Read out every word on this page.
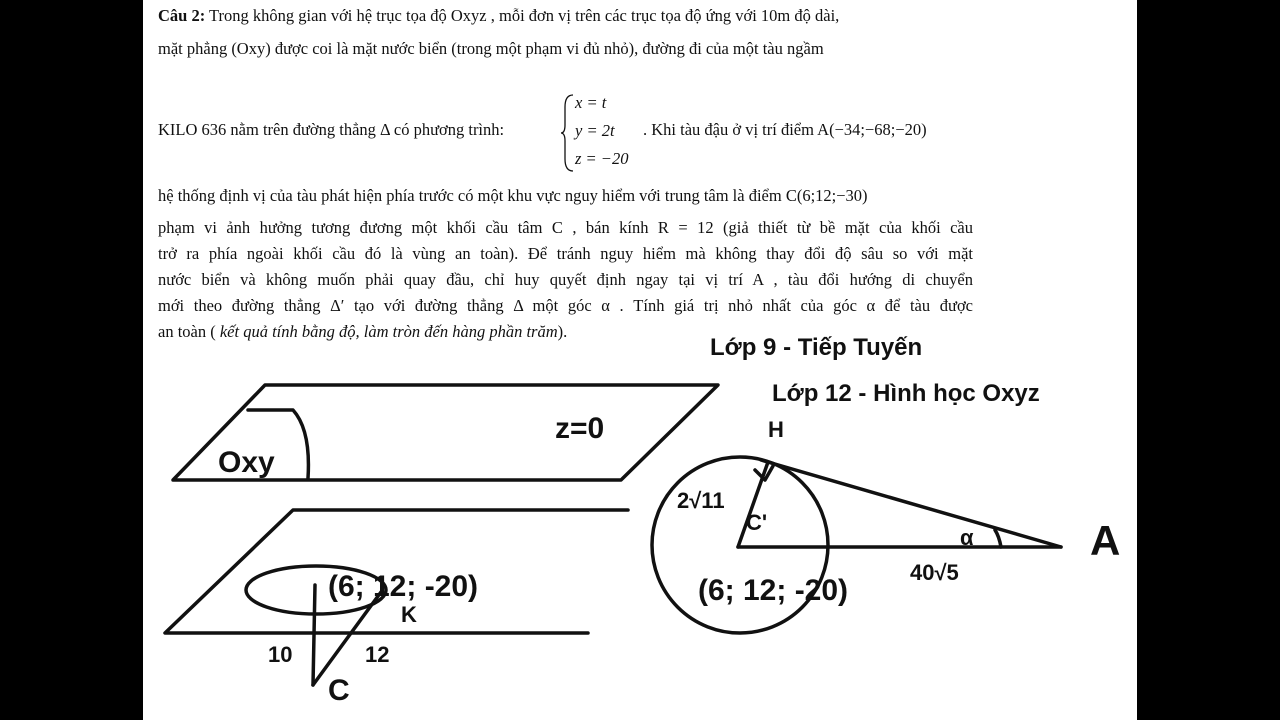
Câu 2: Trong không gian với hệ trục tọa độ Oxyz , mỗi đơn vị trên các trục tọa độ ứng với 10m độ dài,
mặt phẳng (Oxy) được coi là mặt nước biển (trong một phạm vi đủ nhỏ), đường đi của một tàu ngầm
KILO 636 nằm trên đường thẳng Δ có phương trình:
x = t
y = 2t
z = −20
. Khi tàu đậu ở vị trí điểm A(−34;−68;−20)
hệ thống định vị của tàu phát hiện phía trước có một khu vực nguy hiểm với trung tâm là điểm C(6;12;−30)
phạm vi ảnh hưởng tương đương một khối cầu tâm C , bán kính R = 12 (giả thiết từ bề mặt của khối cầu
trở ra phía ngoài khối cầu đó là vùng an toàn). Để tránh nguy hiểm mà không thay đổi độ sâu so với mặt
nước biển và không muốn phải quay đầu, chỉ huy quyết định ngay tại vị trí A , tàu đổi hướng di chuyển
mới theo đường thẳng Δ′ tạo với đường thẳng Δ một góc α . Tính giá trị nhỏ nhất của góc α để tàu được
an toàn ( kết quả tính bằng độ, làm tròn đến hàng phần trăm).
Lớp 9 - Tiếp Tuyến
Lớp 12 - Hình học Oxyz
Oxy
z=0
(6; 12; -20)
K
10	12
C
H
2√11
C'
α
(6; 12; -20)
40√5
A
